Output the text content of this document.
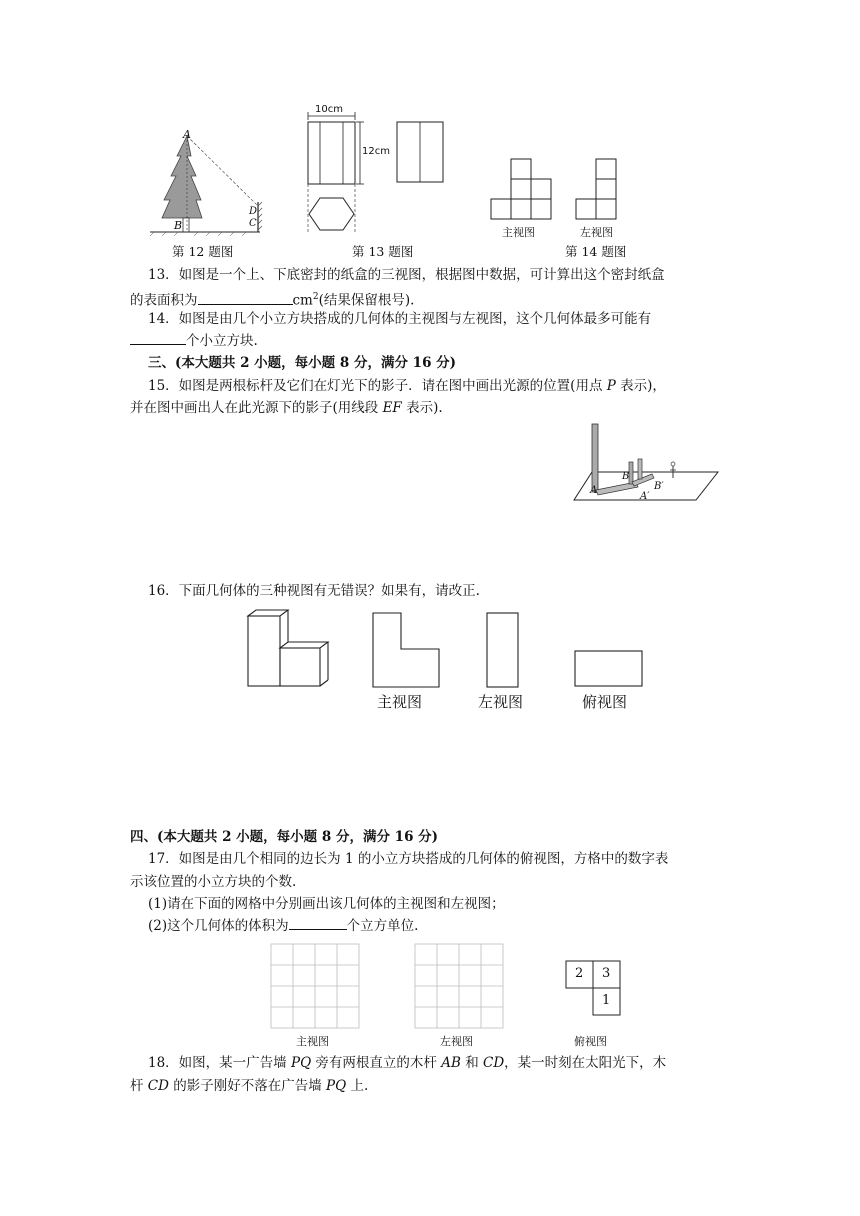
A
B
D
C
第 12 题图
10cm
12cm
第 13 题图
主视图	左视图
第 14 题图
13．如图是一个上、下底密封的纸盒的三视图，根据图中数据，可计算出这个密封纸盒
的表面积为	$cm^2$(结果保留根号).
14．如图是由几个小立方块搭成的几何体的主视图与左视图，这个几何体最多可能有
个小立方块.
三、(本大题共 2 小题，每小题 8 分，满分 16 分)
15．如图是两根标杆及它们在灯光下的影子．请在图中画出光源的位置(用点 P 表示)，
并在图中画出人在此光源下的影子(用线段 EF 表示).
A
A′
B
B′
16．下面几何体的三种视图有无错误？如果有，请改正.
主视图	左视图	俯视图
四、(本大题共 2 小题，每小题 8 分，满分 16 分)
17．如图是由几个相同的边长为 1 的小立方块搭成的几何体的俯视图，方格中的数字表
示该位置的小立方块的个数.
(1)请在下面的网格中分别画出该几何体的主视图和左视图；
(2)这个几何体的体积为	个立方单位.
2 3
1
主视图	左视图	俯视图
18．如图，某一广告墙 PQ 旁有两根直立的木杆 AB 和 CD，某一时刻在太阳光下，木
杆 CD 的影子刚好不落在广告墙 PQ 上.
